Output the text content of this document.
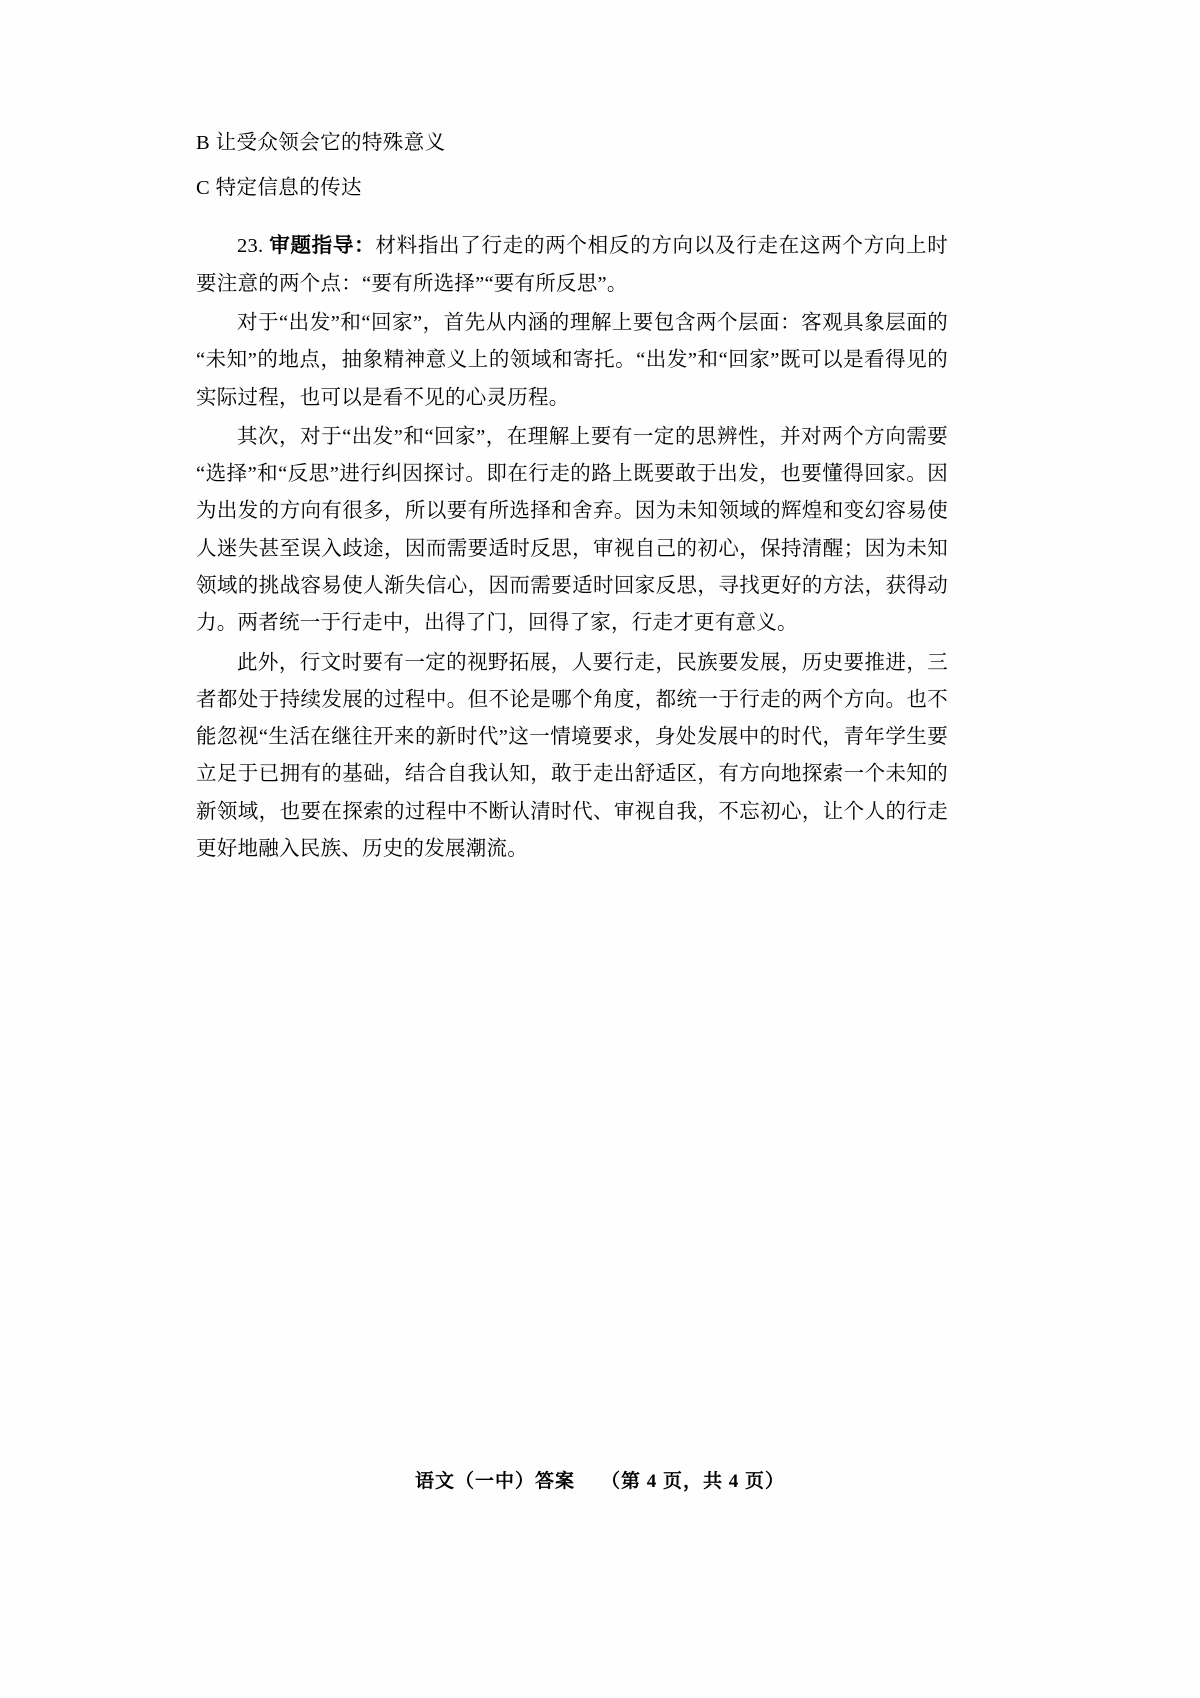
B 让受众领会它的特殊意义

C 特定信息的传达

23. 审题指导：材料指出了行走的两个相反的方向以及行走在这两个方向上时要注意的两个点：“要有所选择”“要有所反思”。

对于“出发”和“回家”，首先从内涵的理解上要包含两个层面：客观具象层面的“未知”的地点，抽象精神意义上的领域和寄托。“出发”和“回家”既可以是看得见的实际过程，也可以是看不见的心灵历程。

其次，对于“出发”和“回家”，在理解上要有一定的思辨性，并对两个方向需要“选择”和“反思”进行纠因探讨。即在行走的路上既要敢于出发，也要懂得回家。因为出发的方向有很多，所以要有所选择和舍弃。因为未知领域的辉煌和变幻容易使人迷失甚至误入歧途，因而需要适时反思，审视自己的初心，保持清醒；因为未知领域的挑战容易使人渐失信心，因而需要适时回家反思，寻找更好的方法，获得动力。两者统一于行走中，出得了门，回得了家，行走才更有意义。

此外，行文时要有一定的视野拓展，人要行走，民族要发展，历史要推进，三者都处于持续发展的过程中。但不论是哪个角度，都统一于行走的两个方向。也不能忽视“生活在继往开来的新时代”这一情境要求，身处发展中的时代，青年学生要立足于已拥有的基础，结合自我认知，敢于走出舒适区，有方向地探索一个未知的新领域，也要在探索的过程中不断认清时代、审视自我，不忘初心，让个人的行走更好地融入民族、历史的发展潮流。

语文（一中）答案 （第 4 页，共 4 页）
